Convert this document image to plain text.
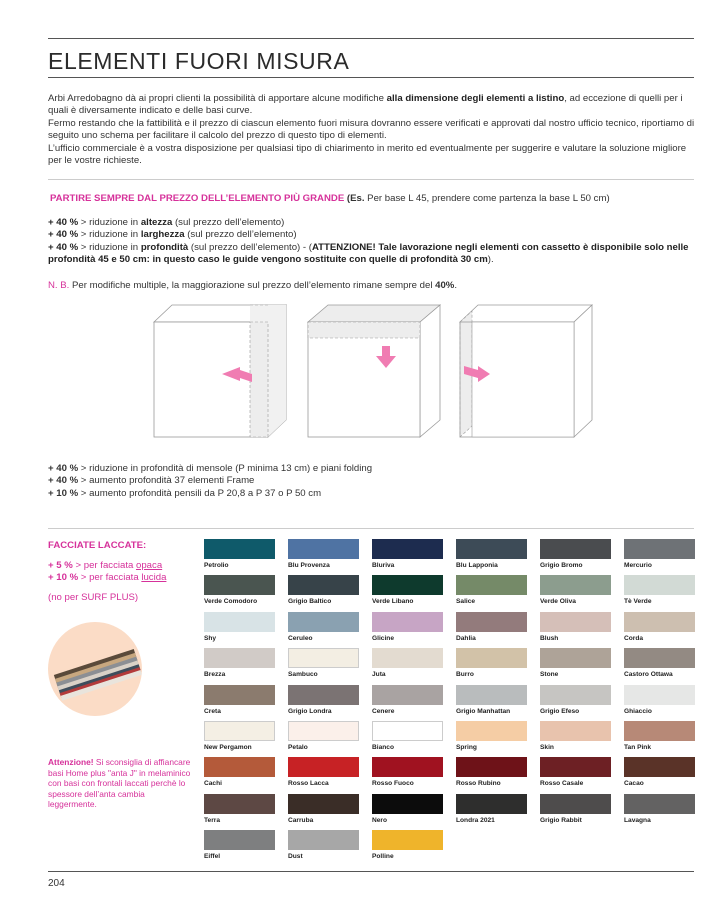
ELEMENTI FUORI MISURA

Arbi Arredobagno dà ai propri clienti la possibilità di apportare alcune modifiche alla dimensione degli elementi a listino, ad eccezione di quelli per i quali è diversamente indicato e delle basi curve.

Fermo restando che la fattibilità e il prezzo di ciascun elemento fuori misura dovranno essere verificati e approvati dal nostro ufficio tecnico, riportiamo di seguito uno schema per facilitare il calcolo del prezzo di questo tipo di elementi.

L’ufficio commerciale è a vostra disposizione per qualsiasi tipo di chiarimento in merito ed eventualmente per suggerire e valutare la soluzione migliore per le vostre richieste.

PARTIRE SEMPRE DAL PREZZO DELL’ELEMENTO PIÙ GRANDE (Es. Per base L 45, prendere come partenza la base L 50 cm)
+ 40 % > riduzione in altezza (sul prezzo dell’elemento)
+ 40 % > riduzione in larghezza (sul prezzo dell’elemento)
+ 40 % > riduzione in profondità (sul prezzo dell’elemento) - (ATTENZIONE! Tale lavorazione negli elementi con cassetto è disponibile solo nelle profondità 45 e 50 cm: in questo caso le guide vengono sostituite con quelle di profondità 30 cm).
N. B. Per modifiche multiple, la maggiorazione sul prezzo dell’elemento rimane sempre del 40%.
+ 40 % > riduzione in profondità di mensole (P minima 13 cm) e piani folding
+ 40 % > aumento profondità 37 elementi Frame
+ 10 % > aumento profondità pensili da P 20,8 a P 37 o P 50 cm
FACCIATE LACCATE:
+ 5 % > per facciata opaca
+ 10 % > per facciata lucida
(no per SURF PLUS)
Attenzione! Si sconsiglia di affiancare basi Home plus "anta J" in melaminico con basi con frontali laccati perchè lo spessore dell’anta cambia leggermente.
Petrolio	Blu Provenza	Bluriva	Blu Lapponia	Grigio Bromo	Mercurio
Verde Comodoro	Grigio Baltico	Verde Libano	Salice	Verde Oliva	Tè Verde
Shy	Ceruleo	Glicine	Dahlia	Blush	Corda
Brezza	Sambuco	Juta	Burro	Stone	Castoro Ottawa
Creta	Grigio Londra	Cenere	Grigio Manhattan	Grigio Efeso	Ghiaccio
New Pergamon	Petalo	Bianco	Spring	Skin	Tan Pink
Cachi	Rosso Lacca	Rosso Fuoco	Rosso Rubino	Rosso Casale	Cacao
Terra	Carruba	Nero	Londra 2021	Grigio Rabbit	Lavagna
Eiffel	Dust	Polline
204
